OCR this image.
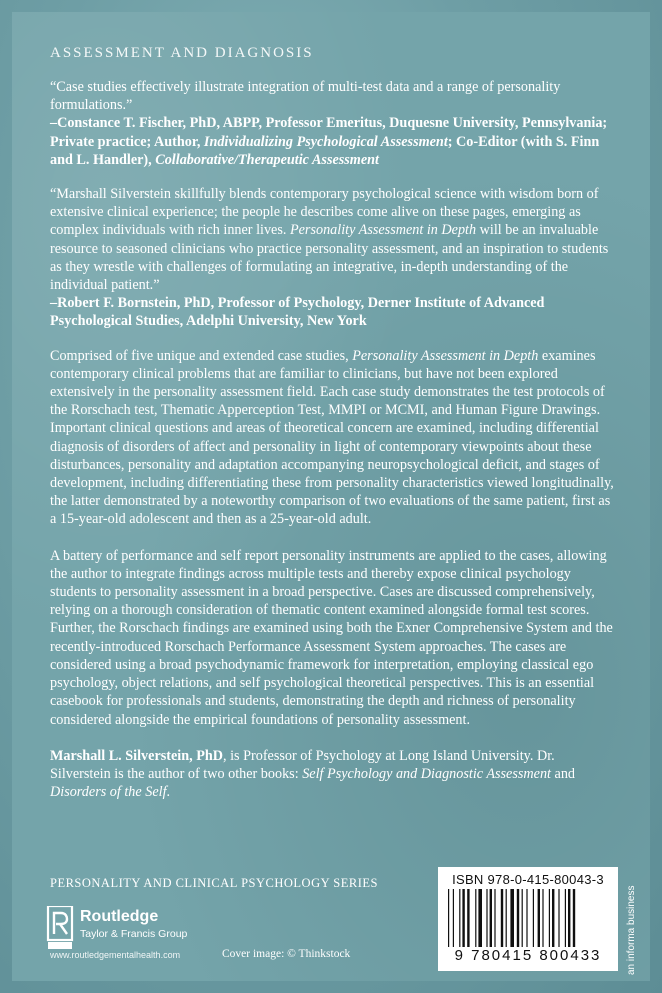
ASSESSMENT AND DIAGNOSIS

“Case studies effectively illustrate integration of multi-test data and a range of personality formulations.”
–Constance T. Fischer, PhD, ABPP, Professor Emeritus, Duquesne University, Pennsylvania; Private practice; Author, Individualizing Psychological Assessment; Co-Editor (with S. Finn and L. Handler), Collaborative/Therapeutic Assessment

“Marshall Silverstein skillfully blends contemporary psychological science with wisdom born of extensive clinical experience; the people he describes come alive on these pages, emerging as complex individuals with rich inner lives. Personality Assessment in Depth will be an invaluable resource to seasoned clinicians who practice personality assessment, and an inspiration to students as they wrestle with challenges of formulating an integrative, in-depth understanding of the individual patient.”
–Robert F. Bornstein, PhD, Professor of Psychology, Derner Institute of Advanced Psychological Studies, Adelphi University, New York

Comprised of five unique and extended case studies, Personality Assessment in Depth examines contemporary clinical problems that are familiar to clinicians, but have not been explored extensively in the personality assessment field. Each case study demonstrates the test protocols of the Rorschach test, Thematic Apperception Test, MMPI or MCMI, and Human Figure Drawings. Important clinical questions and areas of theoretical concern are examined, including differential diagnosis of disorders of affect and personality in light of contemporary viewpoints about these disturbances, personality and adaptation accompanying neuropsychological deficit, and stages of development, including differentiating these from personality characteristics viewed longitudinally, the latter demonstrated by a noteworthy comparison of two evaluations of the same patient, first as a 15-year-old adolescent and then as a 25-year-old adult.

A battery of performance and self report personality instruments are applied to the cases, allowing the author to integrate findings across multiple tests and thereby expose clinical psychology students to personality assessment in a broad perspective. Cases are discussed comprehensively, relying on a thorough consideration of thematic content examined alongside formal test scores. Further, the Rorschach findings are examined using both the Exner Comprehensive System and the recently-introduced Rorschach Performance Assessment System approaches. The cases are considered using a broad psychodynamic framework for interpretation, employing classical ego psychology, object relations, and self psychological theoretical perspectives. This is an essential casebook for professionals and students, demonstrating the depth and richness of personality considered alongside the empirical foundations of personality assessment.

Marshall L. Silverstein, PhD, is Professor of Psychology at Long Island University. Dr. Silverstein is the author of two other books: Self Psychology and Diagnostic Assessment and Disorders of the Self.

PERSONALITY AND CLINICAL PSYCHOLOGY SERIES
Routledge
Taylor & Francis Group
www.routledgementalhealth.com	Cover image: © Thinkstock
ISBN 978-0-415-80043-3
9 780415 800433	an informa business
